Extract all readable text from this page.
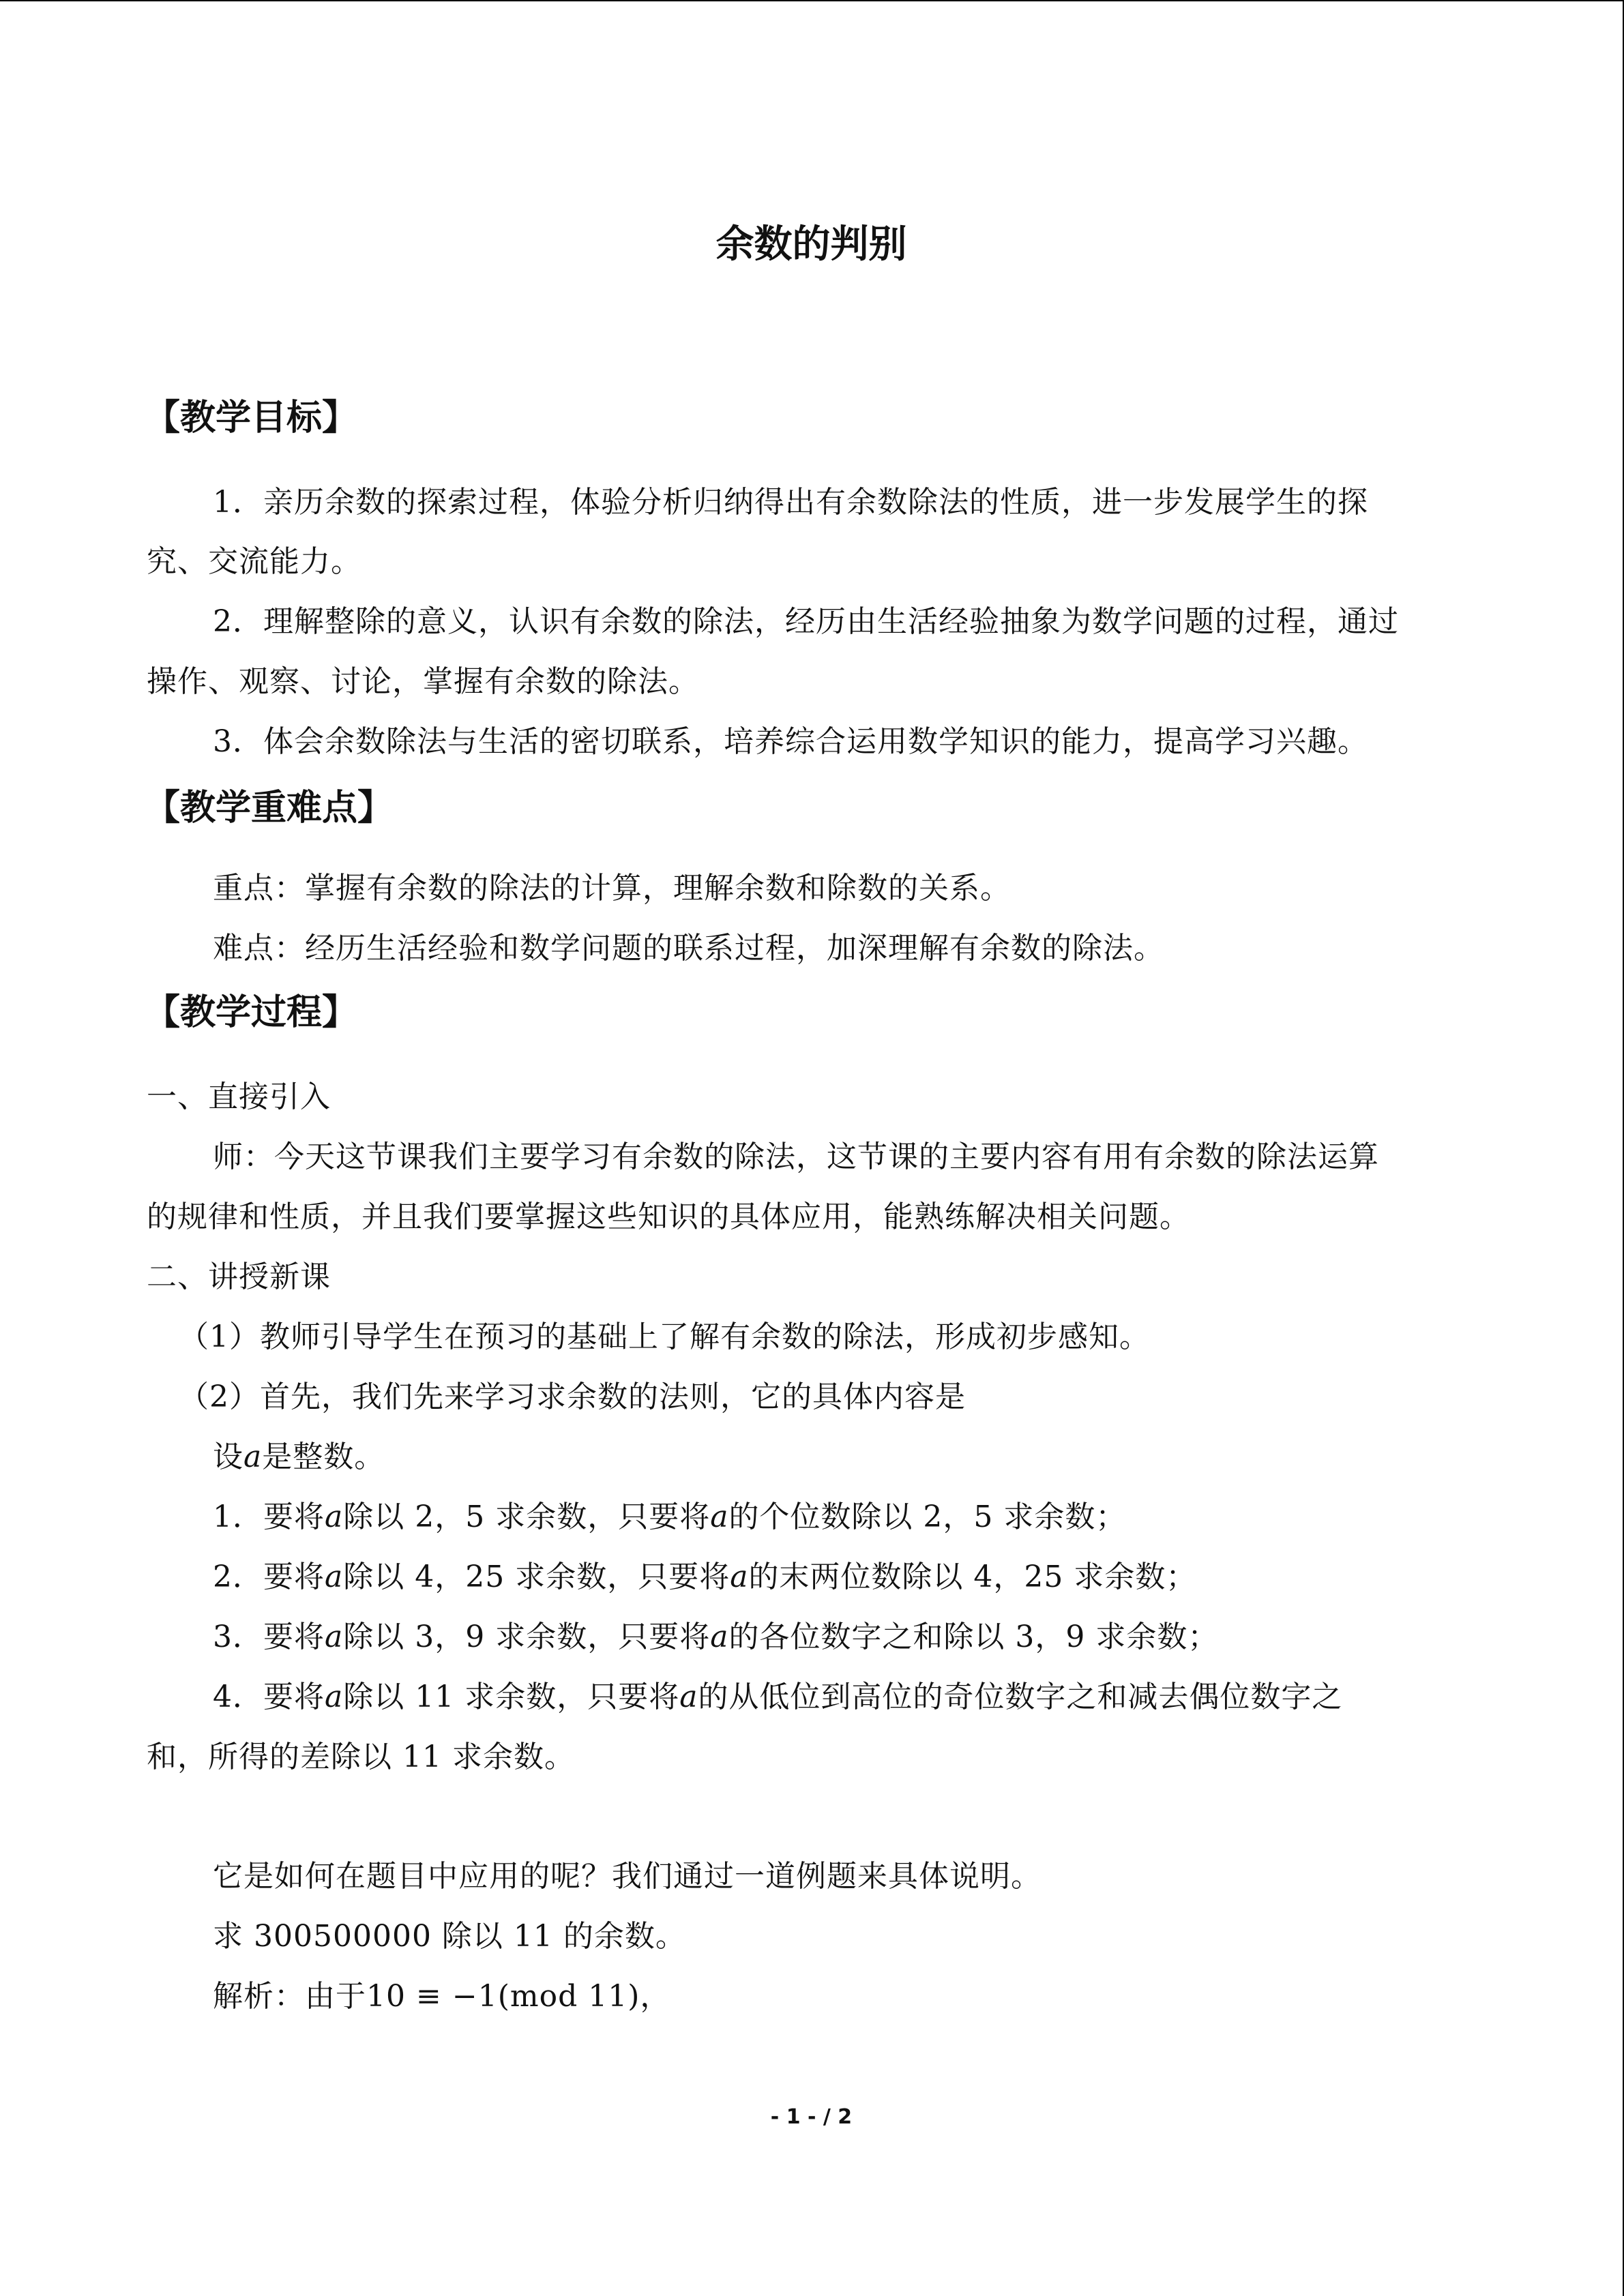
余数的判别
【教学目标】
1．亲历余数的探索过程，体验分析归纳得出有余数除法的性质，进一步发展学生的探
究、交流能力。
2．理解整除的意义，认识有余数的除法，经历由生活经验抽象为数学问题的过程，通过
操作、观察、讨论，掌握有余数的除法。
3．体会余数除法与生活的密切联系，培养综合运用数学知识的能力，提高学习兴趣。
【教学重难点】
重点：掌握有余数的除法的计算，理解余数和除数的关系。
难点：经历生活经验和数学问题的联系过程，加深理解有余数的除法。
【教学过程】
一、直接引入
师：今天这节课我们主要学习有余数的除法，这节课的主要内容有用有余数的除法运算
的规律和性质，并且我们要掌握这些知识的具体应用，能熟练解决相关问题。
二、讲授新课
（1）教师引导学生在预习的基础上了解有余数的除法，形成初步感知。
（2）首先，我们先来学习求余数的法则，它的具体内容是
设a是整数。
1．要将a除以 2，5 求余数，只要将a的个位数除以 2，5 求余数；
2．要将a除以 4，25 求余数，只要将a的末两位数除以 4，25 求余数；
3．要将a除以 3，9 求余数，只要将a的各位数字之和除以 3，9 求余数；
4．要将a除以 11 求余数，只要将a的从低位到高位的奇位数字之和减去偶位数字之
和，所得的差除以 11 求余数。
它是如何在题目中应用的呢？我们通过一道例题来具体说明。
求 300500000 除以 11 的余数。
解析：由于10 ≡ −1(mod 11)，
- 1 - / 2
